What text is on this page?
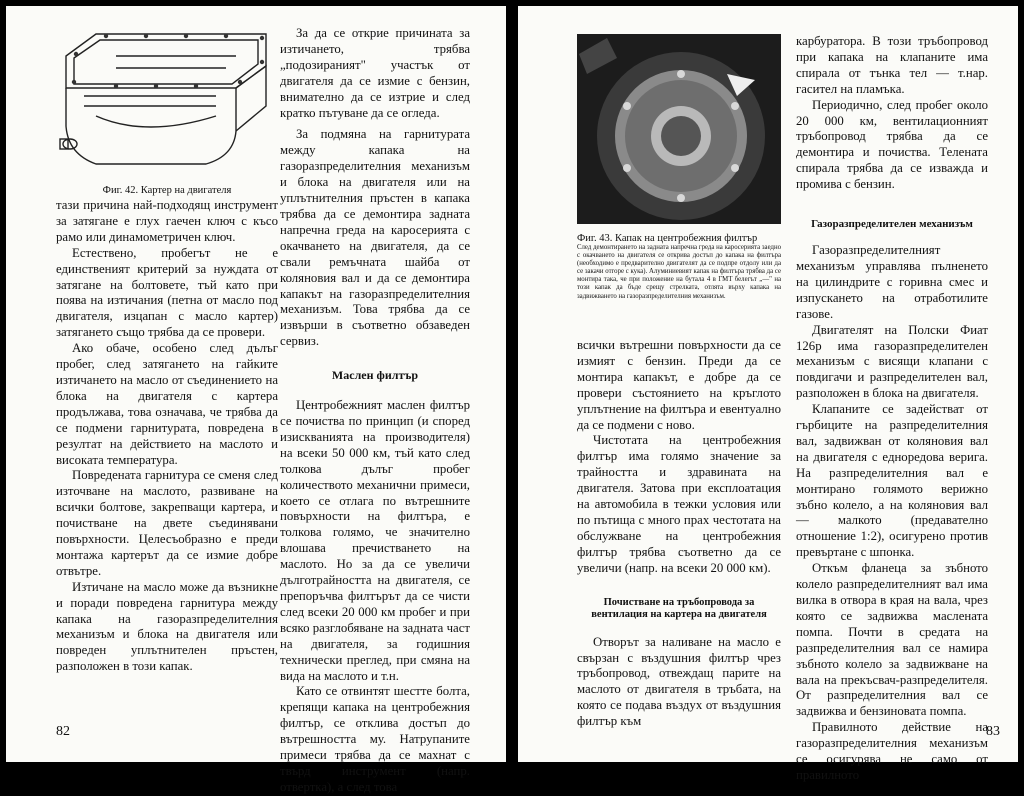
Фиг. 42. Картер на двигателя

тази причина най-подходящ инструмент за затягане е глух гаечен ключ с късо рамо или динамометричен ключ.

Естествено, пробегът не е единственият критерий за нуждата от затягане на болтовете, тъй като при поява на изтичания (петна от масло под двигателя, изцапан с масло картер) затягането също трябва да се провери.

Ако обаче, особено след дълъг пробег, след затягането на гайките изтичането на масло от съединението на блока на двигателя с картера продължава, това означава, че трябва да се подмени гарнитурата, повредена в резултат на действието на маслото и високата температура.

Повредената гарнитура се сменя след източване на маслото, развиване на всички болтове, закрепващи картера, и почистване на двете съединявани повърхности. Целесъобразно е преди монтажа картерът да се измие добре отвътре.

Изтичане на масло може да възникне и поради повредена гарнитура между капака на газоразпределителния механизъм и блока на двигателя или повреден уплътнителен пръстен, разположен в този капак.

За да се открие причината за изтичането, трябва „подозираният" участък от двигателя да се измие с бензин, внимателно да се изтрие и след кратко пътуване да се огледа.

За подмяна на гарнитурата между капака на газоразпределителния механизъм и блока на двигателя или на уплътнителния пръстен в капака трябва да се демонтира задната напречна греда на каросерията с окачването на двигателя, да се свали ремъчната шайба от коляновия вал и да се демонтира капакът на газоразпределителния механизъм. Това трябва да се извърши в съответно обзаведен сервиз.

Маслен филтър

Центробежният маслен филтър се почиства по принцип (и според изискванията на производителя) на всеки 50 000 км, тъй като след толкова дълъг пробег количеството механични примеси, което се отлага по вътрешните повърхности на филтъра, е толкова голямо, че значително влошава пречистването на маслото. Но за да се увеличи дълготрайността на двигателя, се препоръчва филтърът да се чисти след всеки 20 000 км пробег и при всяко разглобяване на задната част на двигателя, за годишния технически преглед, при смяна на вида на маслото и т.н.

Като се отвинтят шестте болта, крепящи капака на центробежния филтър, се отклива достъп до вътрешността му. Натрупаните примеси трябва да се махнат с твърд инструмент (напр. отвертка), а след това

82
Фиг. 43. Капак на центробежния филтър
След демонтирането на задната напречна греда на каросерията заедно с окачването на двигателя се открива достъп до капака на филтъра (необходимо е предварително двигателят да се подпре отдолу или да се закачи отгоре с кука). Алуминиевият капак на филтъра трябва да се монтира така, че при положение на бутала 4 в ГМТ белегът „—" на този капак да бъде срещу стрелката, отлята върху капака на задвижването на газоразпределителния механизъм.

всички вътрешни повърхности да се измият с бензин. Преди да се монтира капакът, е добре да се провери състоянието на кръглото уплътнение на филтъра и евентуално да се подмени с ново.

Чистотата на центробежния филтър има голямо значение за трайността и здравината на двигателя. Затова при експлоатация на автомобила в тежки условия или по пътища с много прах честотата на обслужване на центробежния филтър трябва съответно да се увеличи (напр. на всеки 20 000 км).

Почистване на тръбопровода за вентилация на картера на двигателя

Отворът за наливане на масло е свързан с въздушния филтър чрез тръбопровод, отвеждащ парите на маслото от двигателя в тръбата, на която се подава въздух от въздушния филтър към

карбуратора. В този тръбопровод при капака на клапаните има спирала от тънка тел — т.нар. гасител на пламъка.

Периодично, след пробег около 20 000 км, вентилационният тръбопровод трябва да се демонтира и почиства. Телената спирала трябва да се изважда и промива с бензин.

Газоразпределителен механизъм

Газоразпределителният механизъм управлява пълненето на цилиндрите с горивна смес и изпускането на отработилите газове.

Двигателят на Полски Фиат 126р има газоразпределителен механизъм с висящи клапани с повдигачи и разпределителен вал, разположен в блока на двигателя.

Клапаните се задействат от гърбиците на разпределителния вал, задвижван от коляновия вал на двигателя с едноредова верига. На разпределителния вал е монтирано голямото верижно зъбно колело, а на коляновия вал — малкото (предавателно отношение 1:2), осигурено против превъртане с шпонка.

Откъм фланеца за зъбното колело разпределителният вал има вилка в отвора в края на вала, чрез която се задвижва маслената помпа. Почти в средата на разпределителния вал се намира зъбното колело за задвижване на вала на прекъсвач-разпределителя. От разпределителния вал се задвижва и бензиновата помпа.

Правилното действие на газоразпределителния механизъм се осигурява не само от правилното

83
